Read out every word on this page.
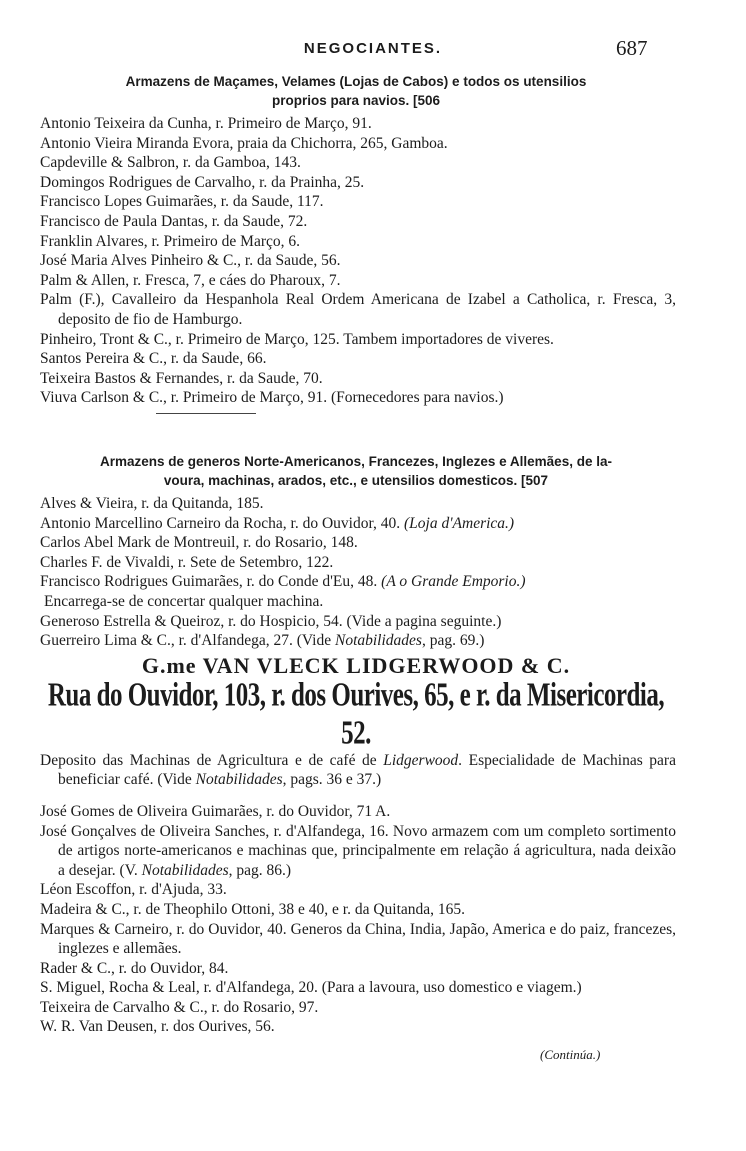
NEGOCIANTES.	687
Armazens de Maçames, Velames (Lojas de Cabos) e todos os utensilios
proprios para navios. [506
Antonio Teixeira da Cunha, r. Primeiro de Março, 91.
Antonio Vieira Miranda Evora, praia da Chichorra, 265, Gamboa.
Capdeville & Salbron, r. da Gamboa, 143.
Domingos Rodrigues de Carvalho, r. da Prainha, 25.
Francisco Lopes Guimarães, r. da Saude, 117.
Francisco de Paula Dantas, r. da Saude, 72.
Franklin Alvares, r. Primeiro de Março, 6.
José Maria Alves Pinheiro & C., r. da Saude, 56.
Palm & Allen, r. Fresca, 7, e cáes do Pharoux, 7.
Palm (F.), Cavalleiro da Hespanhola Real Ordem Americana de Izabel a Catholica, r. Fresca, 3, deposito de fio de Hamburgo.
Pinheiro, Tront & C., r. Primeiro de Março, 125. Tambem importadores de viveres.
Santos Pereira & C., r. da Saude, 66.
Teixeira Bastos & Fernandes, r. da Saude, 70.
Viuva Carlson & C., r. Primeiro de Março, 91. (Fornecedores para navios.)
Armazens de generos Norte-Americanos, Francezes, Inglezes e Allemães, de la-
voura, machinas, arados, etc., e utensilios domesticos. [507
Alves & Vieira, r. da Quitanda, 185.
Antonio Marcellino Carneiro da Rocha, r. do Ouvidor, 40. (Loja d'America.)
Carlos Abel Mark de Montreuil, r. do Rosario, 148.
Charles F. de Vivaldi, r. Sete de Setembro, 122.
Francisco Rodrigues Guimarães, r. do Conde d'Eu, 48. (A o Grande Emporio.)
Encarrega-se de concertar qualquer machina.
Generoso Estrella & Queiroz, r. do Hospicio, 54. (Vide a pagina seguinte.)
Guerreiro Lima & C., r. d'Alfandega, 27. (Vide Notabilidades, pag. 69.)
G.me VAN VLECK LIDGERWOOD & C.
Rua do Ouvidor, 103, r. dos Ourives, 65, e r. da Misericordia, 52.
Deposito das Machinas de Agricultura e de café de Lidgerwood. Especialidade de Machinas para beneficiar café. (Vide Notabilidades, pags. 36 e 37.)
José Gomes de Oliveira Guimarães, r. do Ouvidor, 71 A.
José Gonçalves de Oliveira Sanches, r. d'Alfandega, 16. Novo armazem com um completo sortimento de artigos norte-americanos e machinas que, principalmente em relação á agricultura, nada deixão a desejar. (V. Notabilidades, pag. 86.)
Léon Escoffon, r. d'Ajuda, 33.
Madeira & C., r. de Theophilo Ottoni, 38 e 40, e r. da Quitanda, 165.
Marques & Carneiro, r. do Ouvidor, 40. Generos da China, India, Japão, America e do paiz, francezes, inglezes e allemães.
Rader & C., r. do Ouvidor, 84.
S. Miguel, Rocha & Leal, r. d'Alfandega, 20. (Para a lavoura, uso domestico e viagem.)
Teixeira de Carvalho & C., r. do Rosario, 97.
W. R. Van Deusen, r. dos Ourives, 56.
(Continúa.)
